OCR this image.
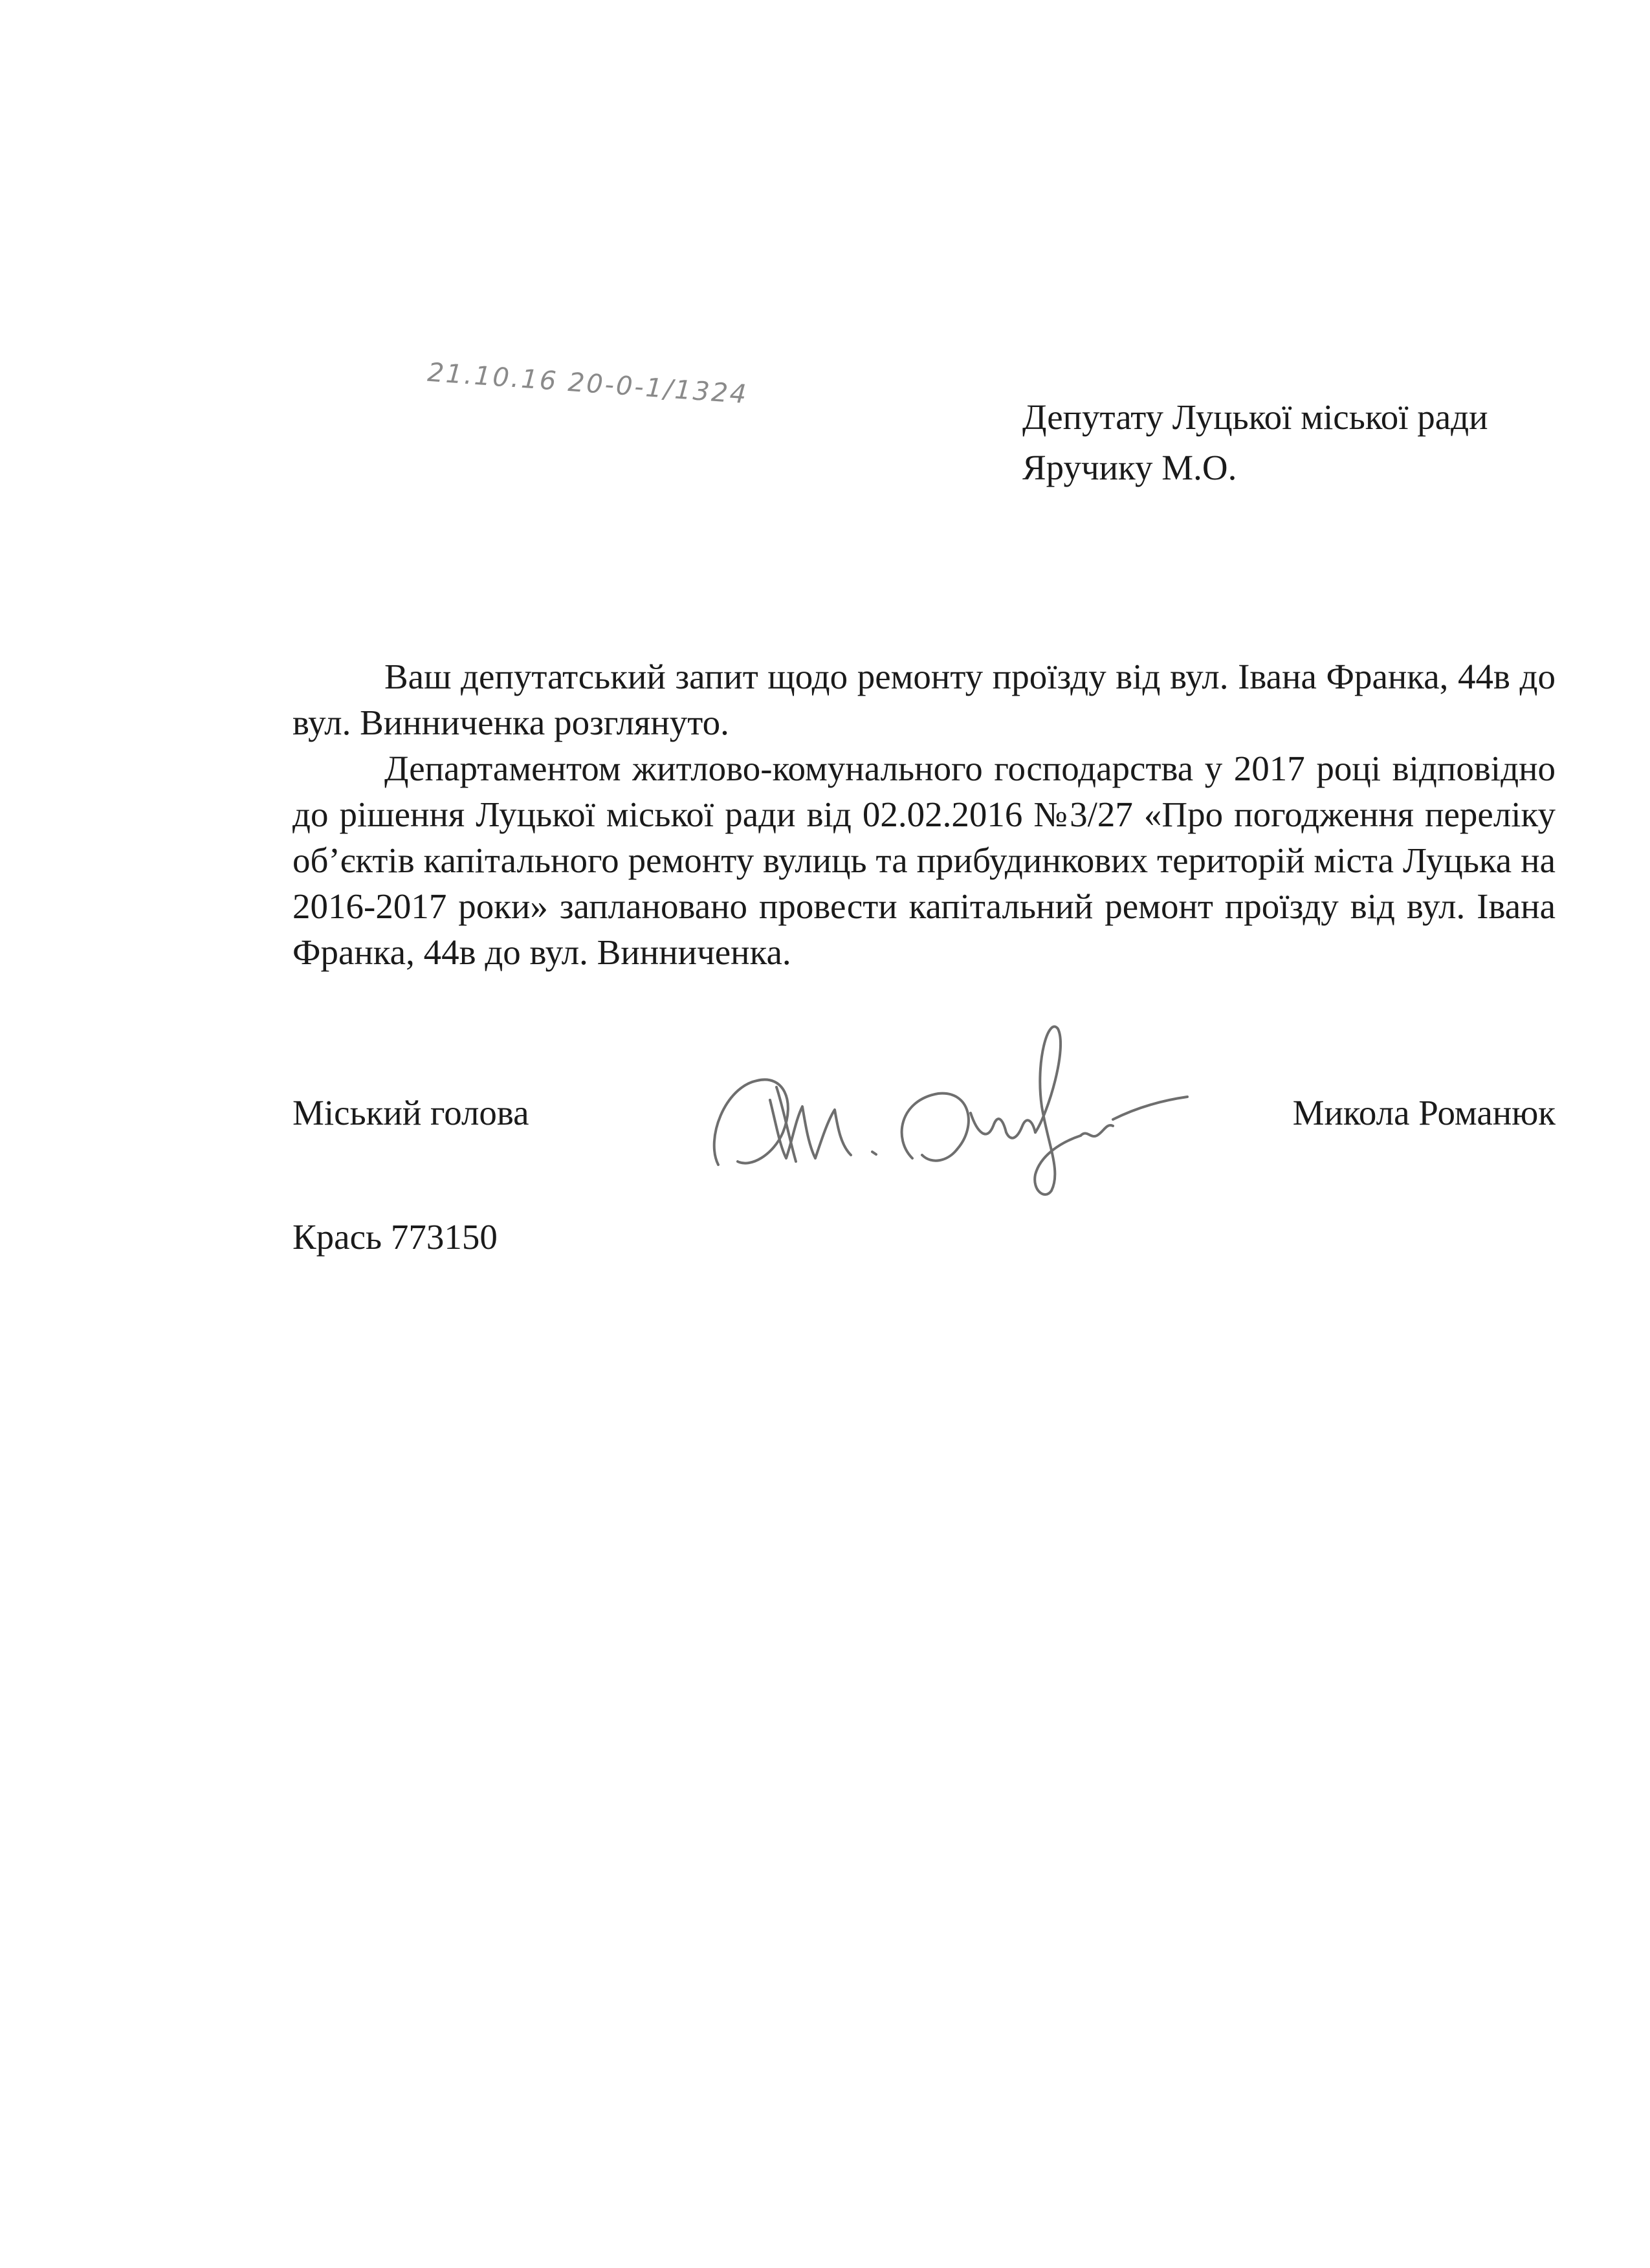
21.10.16 20-0-1/1324
Депутату Луцької міської ради
Яручику М.О.

Ваш депутатський запит щодо ремонту проїзду від вул. Івана Франка, 44в до вул. Винниченка розглянуто.

Департаментом житлово-комунального господарства у 2017 році відповідно до рішення Луцької міської ради від 02.02.2016 №3/27 «Про погодження переліку об’єктів капітального ремонту вулиць та прибудинкових територій міста Луцька на 2016-2017 роки» заплановано провести капітальний ремонт проїзду від вул. Івана Франка, 44в до вул. Винниченка.

Міський голова	Микола Романюк
Крась 773150
